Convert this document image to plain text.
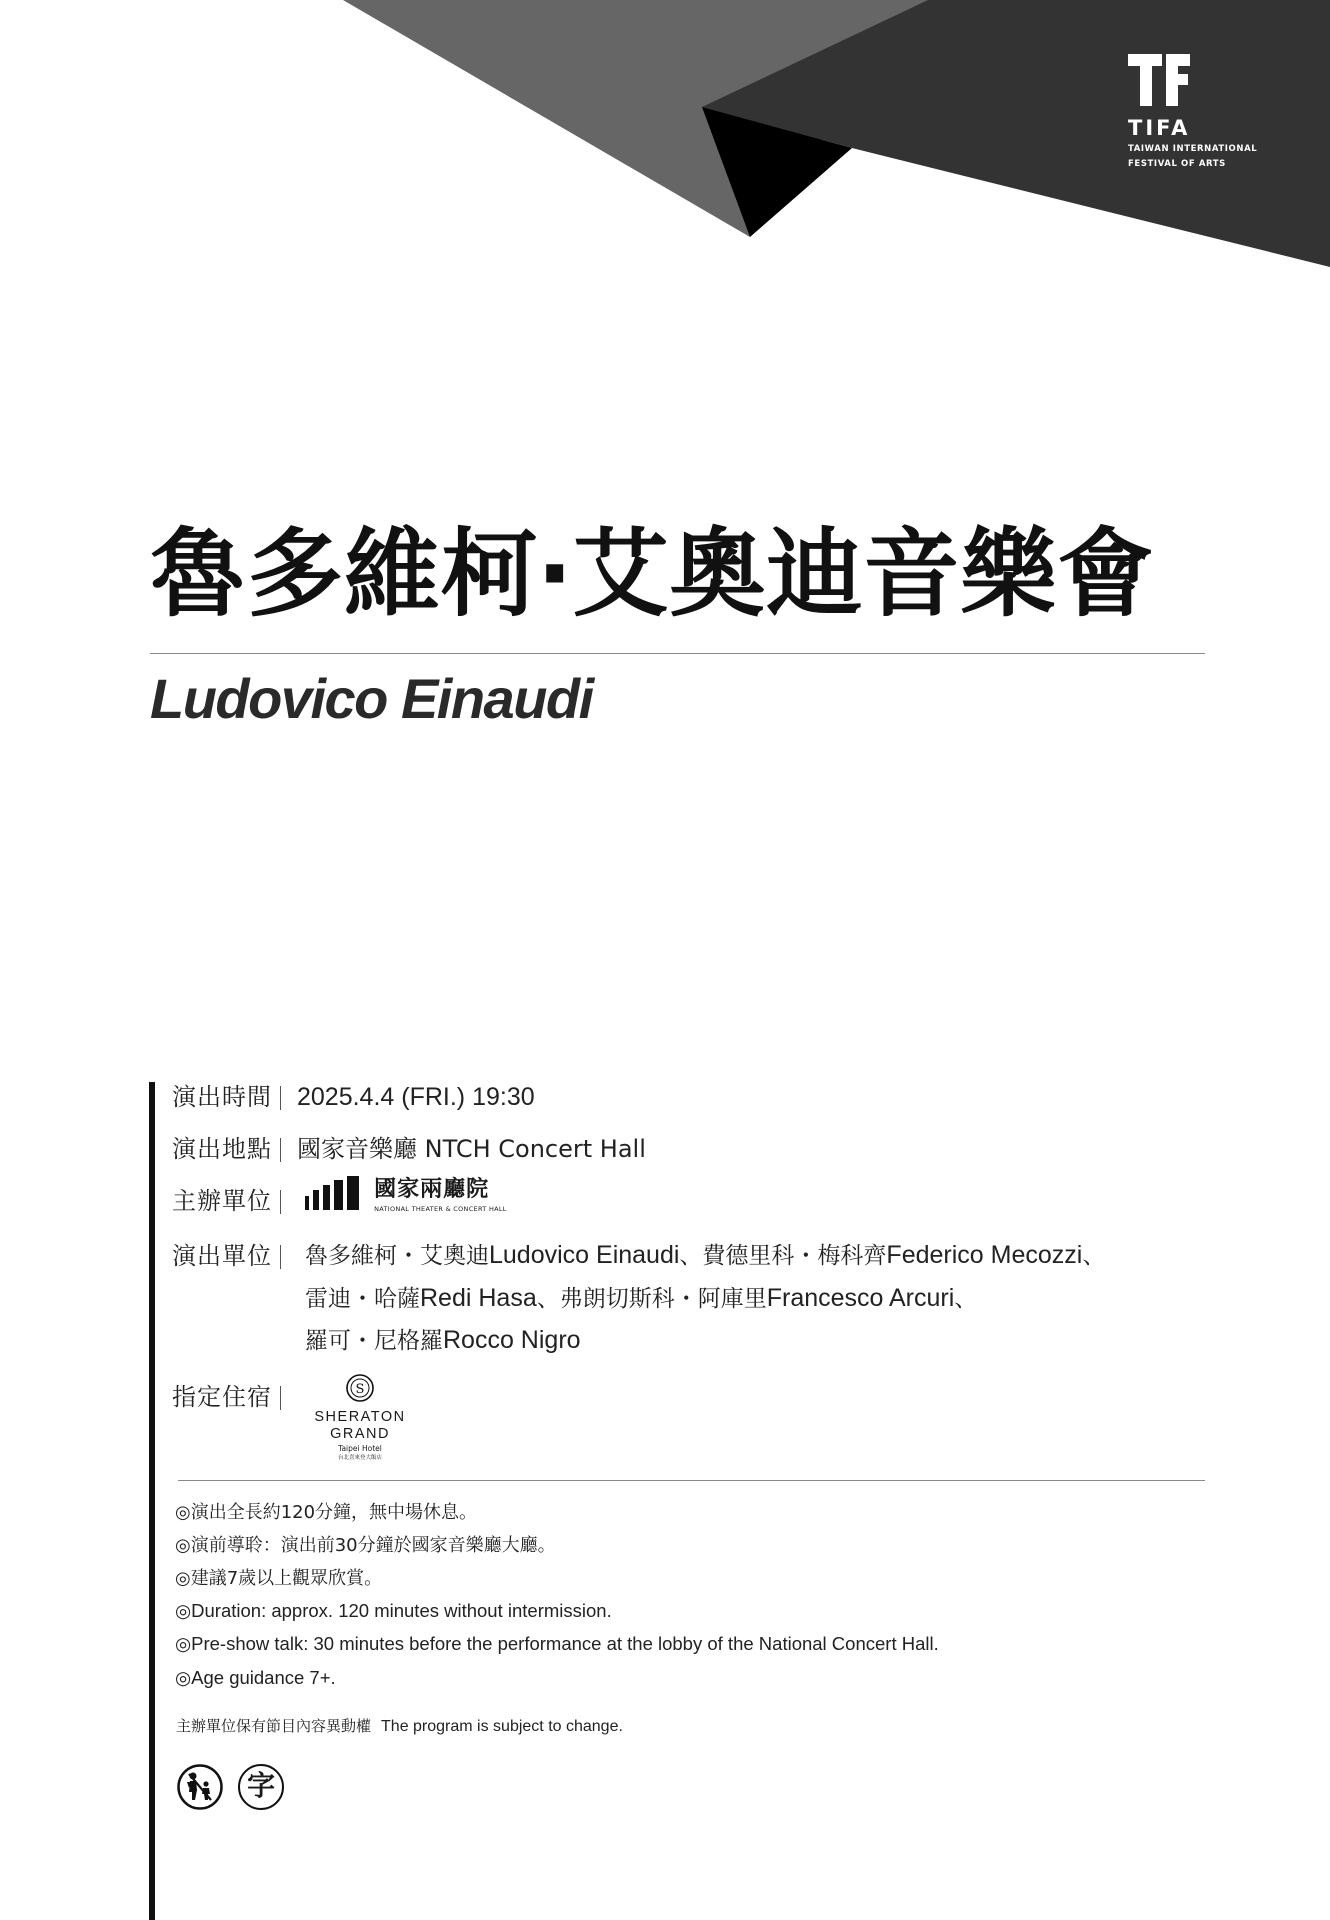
TIFA
TAIWAN INTERNATIONAL
FESTIVAL OF ARTS
魯多維柯‧艾奧迪音樂會
Ludovico Einaudi
演出時間 2025.4.4 (FRI.) 19:30
演出地點 國家音樂廳 NTCH Concert Hall
主辦單位
	國家兩廳院
NATIONAL THEATER & CONCERT HALL
演出單位	魯多維柯・艾奧迪Ludovico Einaudi、費德里科・梅科齊Federico Mecozzi、
雷迪・哈薩Redi Hasa、弗朗切斯科・阿庫里Francesco Arcuri、
羅可・尼格羅Rocco Nigro
指定住宿	S
SHERATON
GRAND
Taipei Hotel
台北喜來登大飯店
◎演出全長約120分鐘，無中場休息。
◎演前導聆：演出前30分鐘於國家音樂廳大廳。
◎建議7歲以上觀眾欣賞。
◎Duration: approx. 120 minutes without intermission.
◎Pre-show talk: 30 minutes before the performance at the lobby of the National Concert Hall.
◎Age guidance 7+.
主辦單位保有節目內容異動權 The program is subject to change.
字
